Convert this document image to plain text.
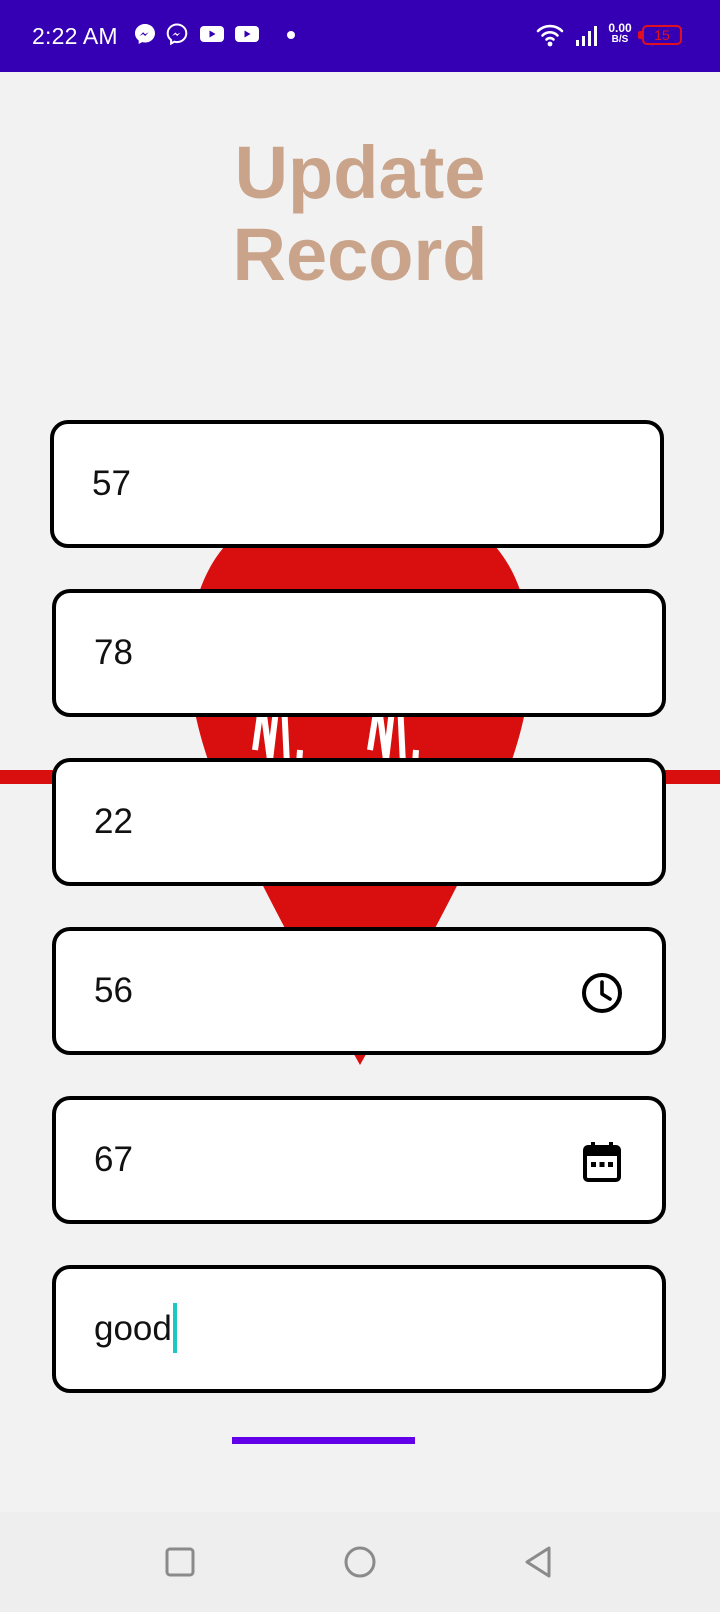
2:22 AM	0.00
B/S	15
Update
Record
57
78
22
56
67
good
